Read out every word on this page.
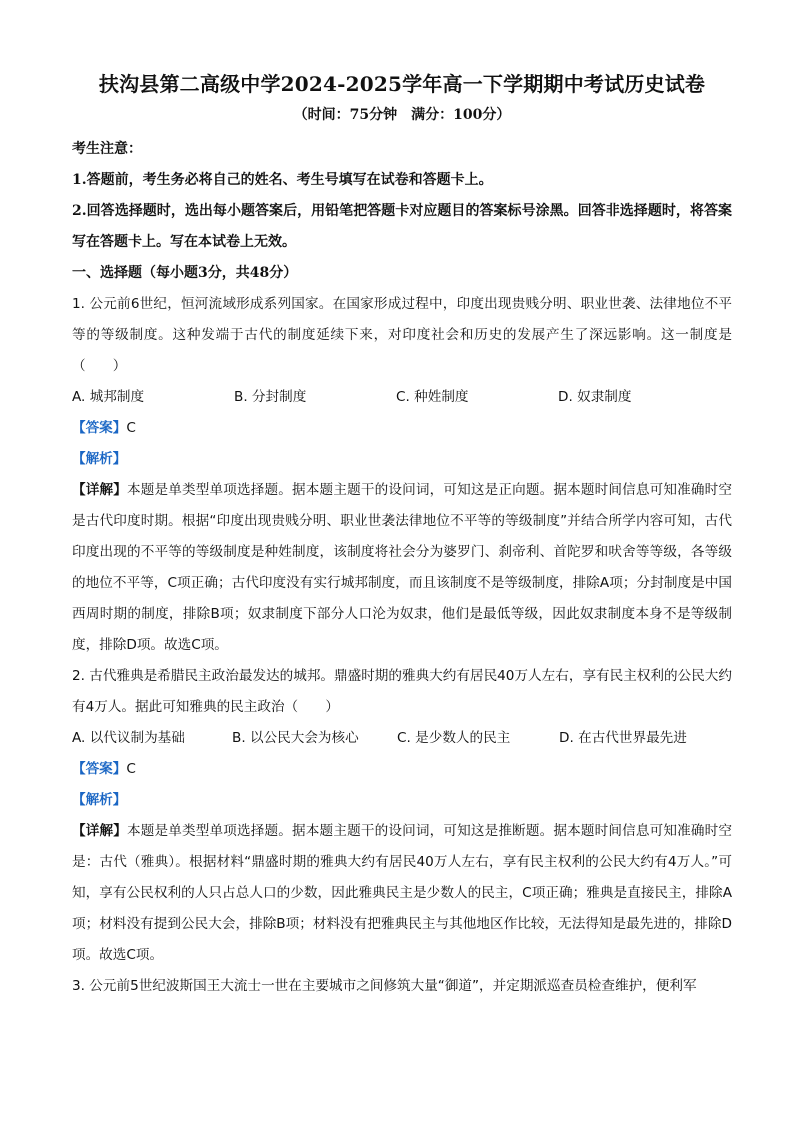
扶沟县第二高级中学2024-2025学年高一下学期期中考试历史试卷
（时间：75分钟　满分：100分）
考生注意：
1.答题前，考生务必将自己的姓名、考生号填写在试卷和答题卡上。
2.回答选择题时，选出每小题答案后，用铅笔把答题卡对应题目的答案标号涂黑。回答非选择题时，将答案写在答题卡上。写在本试卷上无效。
一、选择题（每小题3分，共48分）
1. 公元前6世纪，恒河流域形成系列国家。在国家形成过程中，印度出现贵贱分明、职业世袭、法律地位不平等的等级制度。这种发端于古代的制度延续下来，对印度社会和历史的发展产生了深远影响。这一制度是（　　）
A. 城邦制度	B. 分封制度	C. 种姓制度	D. 奴隶制度
【答案】C
【解析】
【详解】本题是单类型单项选择题。据本题主题干的设问词，可知这是正向题。据本题时间信息可知准确时空是古代印度时期。根据“印度出现贵贱分明、职业世袭法律地位不平等的等级制度”并结合所学内容可知，古代印度出现的不平等的等级制度是种姓制度，该制度将社会分为婆罗门、刹帝利、首陀罗和吠舍等等级，各等级的地位不平等，C项正确；古代印度没有实行城邦制度，而且该制度不是等级制度，排除A项；分封制度是中国西周时期的制度，排除B项；奴隶制度下部分人口沦为奴隶，他们是最低等级，因此奴隶制度本身不是等级制度，排除D项。故选C项。
2. 古代雅典是希腊民主政治最发达的城邦。鼎盛时期的雅典大约有居民40万人左右，享有民主权利的公民大约有4万人。据此可知雅典的民主政治（　　）
A. 以代议制为基础	B. 以公民大会为核心	C. 是少数人的民主	D. 在古代世界最先进
【答案】C
【解析】
【详解】本题是单类型单项选择题。据本题主题干的设问词，可知这是推断题。据本题时间信息可知准确时空是：古代（雅典）。根据材料“鼎盛时期的雅典大约有居民40万人左右，享有民主权利的公民大约有4万人。”可知，享有公民权利的人只占总人口的少数，因此雅典民主是少数人的民主，C项正确；雅典是直接民主，排除A项；材料没有提到公民大会，排除B项；材料没有把雅典民主与其他地区作比较，无法得知是最先进的，排除D项。故选C项。
3. 公元前5世纪波斯国王大流士一世在主要城市之间修筑大量“御道”，并定期派巡查员检查维护，便利军
